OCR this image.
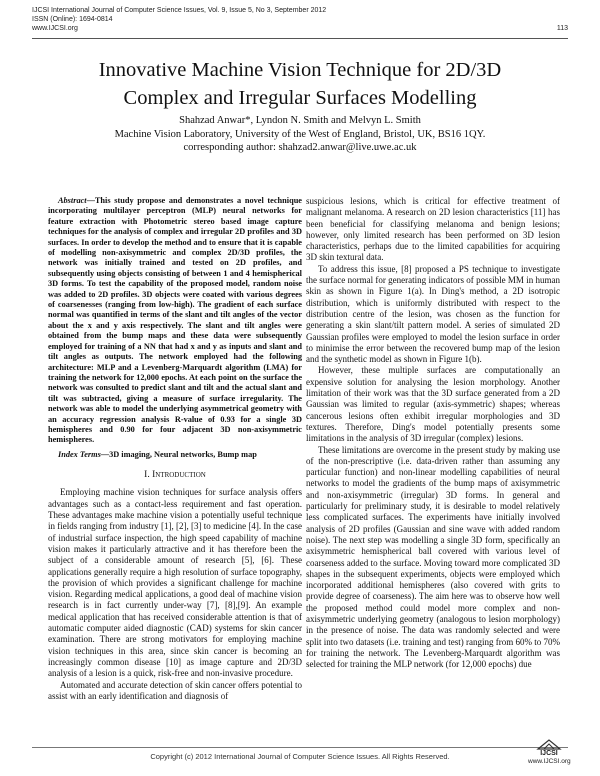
IJCSI International Journal of Computer Science Issues, Vol. 9, Issue 5, No 3, September 2012
ISSN (Online): 1694-0814
www.IJCSI.org	113
Innovative Machine Vision Technique for 2D/3D
Complex and Irregular Surfaces Modelling
Shahzad Anwar*, Lyndon N. Smith and Melvyn L. Smith
Machine Vision Laboratory, University of the West of England, Bristol, UK, BS16 1QY.
corresponding author: shahzad2.anwar@live.uwe.ac.uk

Abstract—This study propose and demonstrates a novel technique incorporating multilayer perceptron (MLP) neural networks for feature extraction with Photometric stereo based image capture techniques for the analysis of complex and irregular 2D profiles and 3D surfaces. In order to develop the method and to ensure that it is capable of modelling non-axisymmetric and complex 2D/3D profiles, the network was initially trained and tested on 2D profiles, and subsequently using objects consisting of between 1 and 4 hemispherical 3D forms. To test the capability of the proposed model, random noise was added to 2D profiles. 3D objects were coated with various degrees of coarsenesses (ranging from low-high). The gradient of each surface normal was quantified in terms of the slant and tilt angles of the vector about the x and y axis respectively. The slant and tilt angles were obtained from the bump maps and these data were subsequently employed for training of a NN that had x and y as inputs and slant and tilt angles as outputs. The network employed had the following architecture: MLP and a Levenberg-Marquardt algorithm (LMA) for training the network for 12,000 epochs. At each point on the surface the network was consulted to predict slant and tilt and the actual slant and tilt was subtracted, giving a measure of surface irregularity. The network was able to model the underlying asymmetrical geometry with an accuracy regression analysis R-value of 0.93 for a single 3D hemispheres and 0.90 for four adjacent 3D non-axisymmetric hemispheres.

Index Terms—3D imaging, Neural networks, Bump map

I. Introduction

Employing machine vision techniques for surface analysis offers advantages such as a contact-less requirement and fast operation. These advantages make machine vision a potentially useful technique in fields ranging from industry [1], [2], [3] to medicine [4]. In the case of industrial surface inspection, the high speed capability of machine vision makes it particularly attractive and it has therefore been the subject of a considerable amount of research [5], [6]. These applications generally require a high resolution of surface topography, the provision of which provides a significant challenge for machine vision. Regarding medical applications, a good deal of machine vision research is in fact currently under-way [7], [8],[9]. An example medical application that has received considerable attention is that of automatic computer aided diagnostic (CAD) systems for skin cancer examination. There are strong motivators for employing machine vision techniques in this area, since skin cancer is becoming an increasingly common disease [10] as image capture and 2D/3D analysis of a lesion is a quick, risk-free and non-invasive procedure.

Automated and accurate detection of skin cancer offers potential to assist with an early identification and diagnosis of

suspicious lesions, which is critical for effective treatment of malignant melanoma. A research on 2D lesion characteristics [11] has been beneficial for classifying melanoma and benign lesions; however, only limited research has been performed on 3D lesion characteristics, perhaps due to the limited capabilities for acquiring 3D skin textural data.

To address this issue, [8] proposed a PS technique to investigate the surface normal for generating indicators of possible MM in human skin as shown in Figure 1(a). In Ding's method, a 2D isotropic distribution, which is uniformly distributed with respect to the distribution centre of the lesion, was chosen as the function for generating a skin slant/tilt pattern model. A series of simulated 2D Gaussian profiles were employed to model the lesion surface in order to minimise the error between the recovered bump map of the lesion and the synthetic model as shown in Figure 1(b).

However, these multiple surfaces are computationally an expensive solution for analysing the lesion morphology. Another limitation of their work was that the 3D surface generated from a 2D Gaussian was limited to regular (axis-symmetric) shapes; whereas cancerous lesions often exhibit irregular morphologies and 3D textures. Therefore, Ding's model potentially presents some limitations in the analysis of 3D irregular (complex) lesions.

These limitations are overcome in the present study by making use of the non-prescriptive (i.e. data-driven rather than assuming any particular function) and non-linear modelling capabilities of neural networks to model the gradients of the bump maps of axisymmetric and non-axisymmetric (irregular) 3D forms. In general and particularly for preliminary study, it is desirable to model relatively less complicated surfaces. The experiments have initially involved analysis of 2D profiles (Gaussian and sine wave with added random noise). The next step was modelling a single 3D form, specifically an axisymmetric hemispherical ball covered with various level of coarseness added to the surface. Moving toward more complicated 3D shapes in the subsequent experiments, objects were employed which incorporated additional hemispheres (also covered with grits to provide degree of coarseness). The aim here was to observe how well the proposed method could model more complex and non-axisymmetric underlying geometry (analogous to lesion morphology) in the presence of noise. The data was randomly selected and were split into two datasets (i.e. training and test) ranging from 60% to 70% for training the network. The Levenberg-Marquardt algorithm was selected for training the MLP network (for 12,000 epochs) due

Copyright (c) 2012 International Journal of Computer Science Issues. All Rights Reserved.	IJCSI
www.IJCSI.org
